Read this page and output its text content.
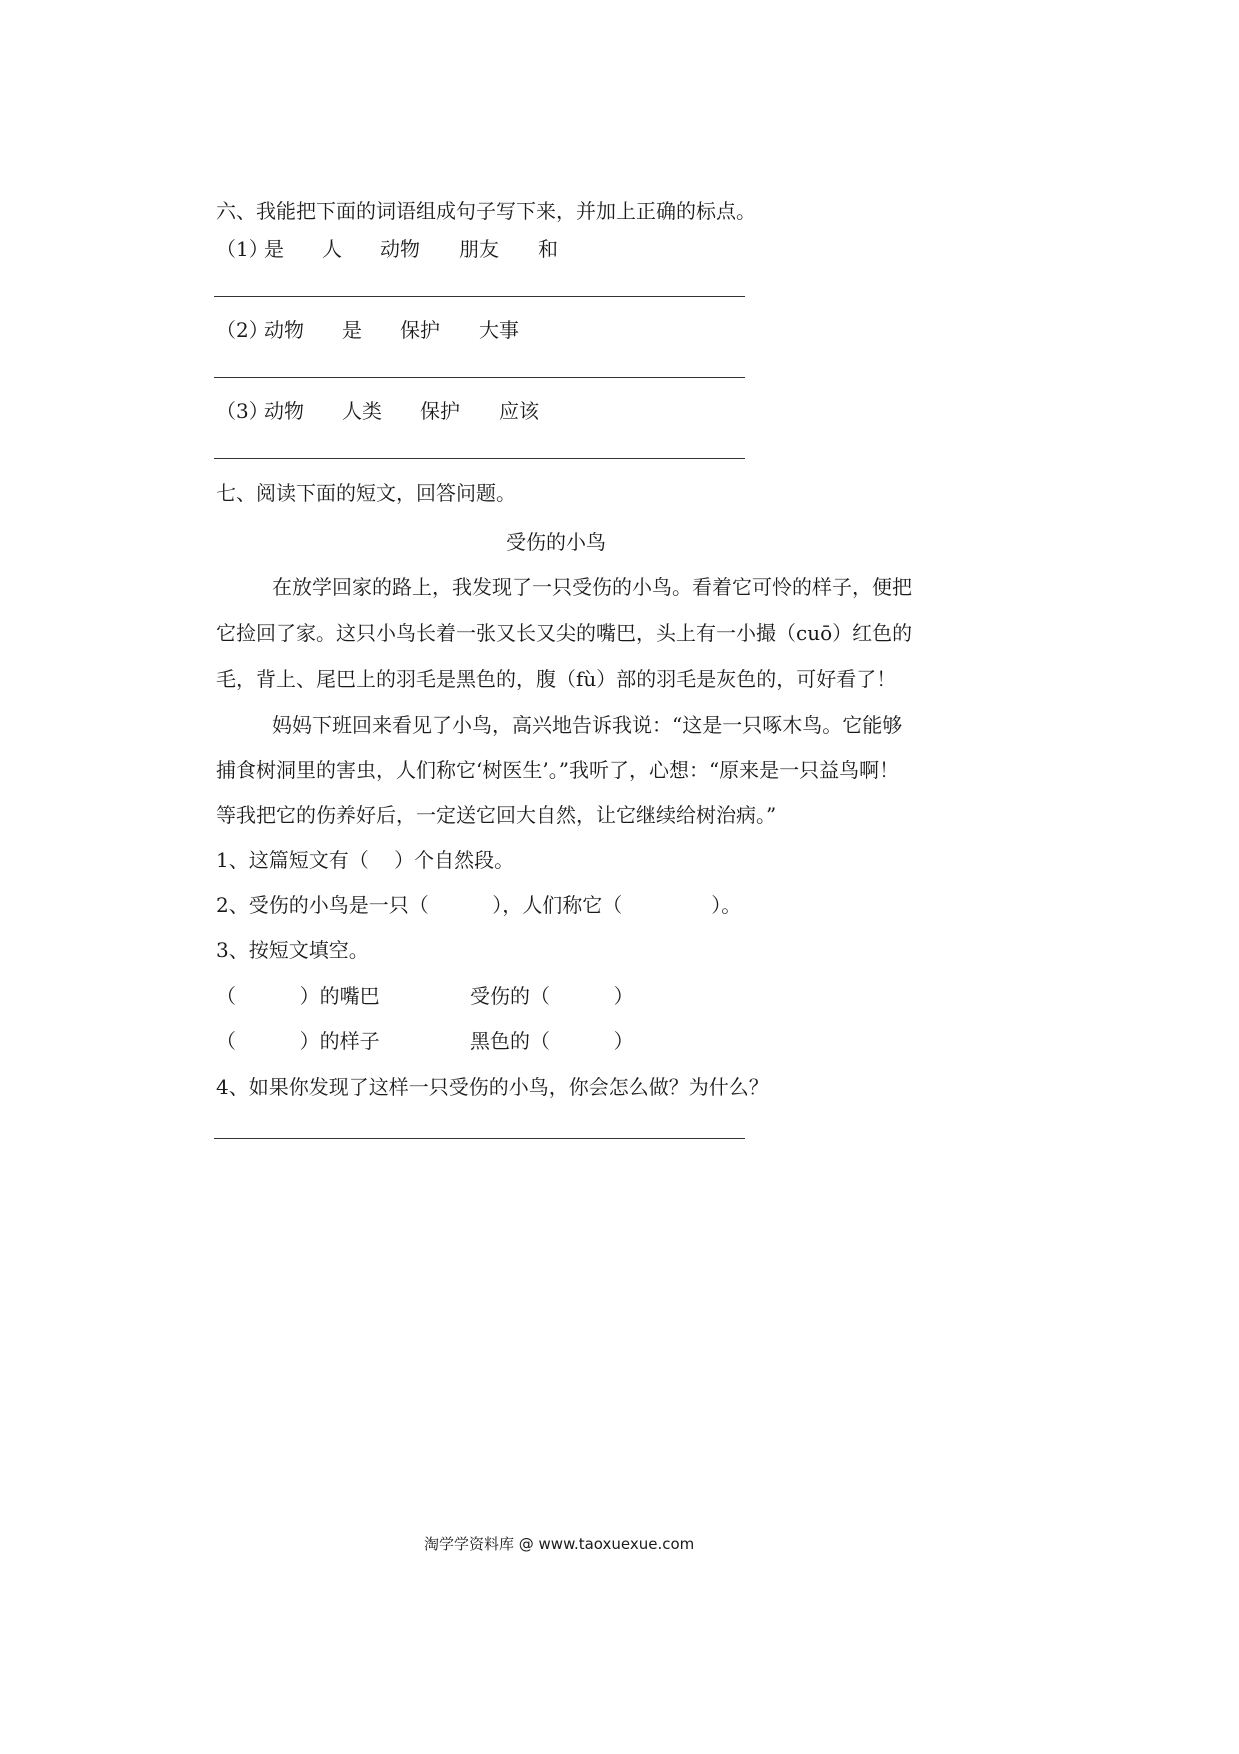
六、我能把下面的词语组成句子写下来，并加上正确的标点。
（1）
是 人 动物 朋友 和
（2）
动物 是 保护 大事
（3）
动物 人类 保护 应该
七、阅读下面的短文，回答问题。
受伤的小鸟
在放学回家的路上，我发现了一只受伤的小鸟。看着它可怜的样子，便把
它捡回了家。这只小鸟长着一张又长又尖的嘴巴，头上有一小撮（cuō）红色的
毛，背上、尾巴上的羽毛是黑色的，腹（fù）部的羽毛是灰色的，可好看了！
妈妈下班回来看见了小鸟，高兴地告诉我说：“这是一只啄木鸟。它能够
捕食树洞里的害虫，人们称它‘树医生’。”我听了，心想：“原来是一只益鸟啊！
等我把它的伤养好后，一定送它回大自然，让它继续给树治病。”
1、这篇短文有（    ）个自然段。
2、受伤的小鸟是一只（          ），人们称它（              ）。
3、按短文填空。
（          ）的嘴巴	受伤的（          ）
（          ）的样子	黑色的（          ）
4、如果你发现了这样一只受伤的小鸟，你会怎么做？为什么？
淘学学资料库 @ www.taoxuexue.com
